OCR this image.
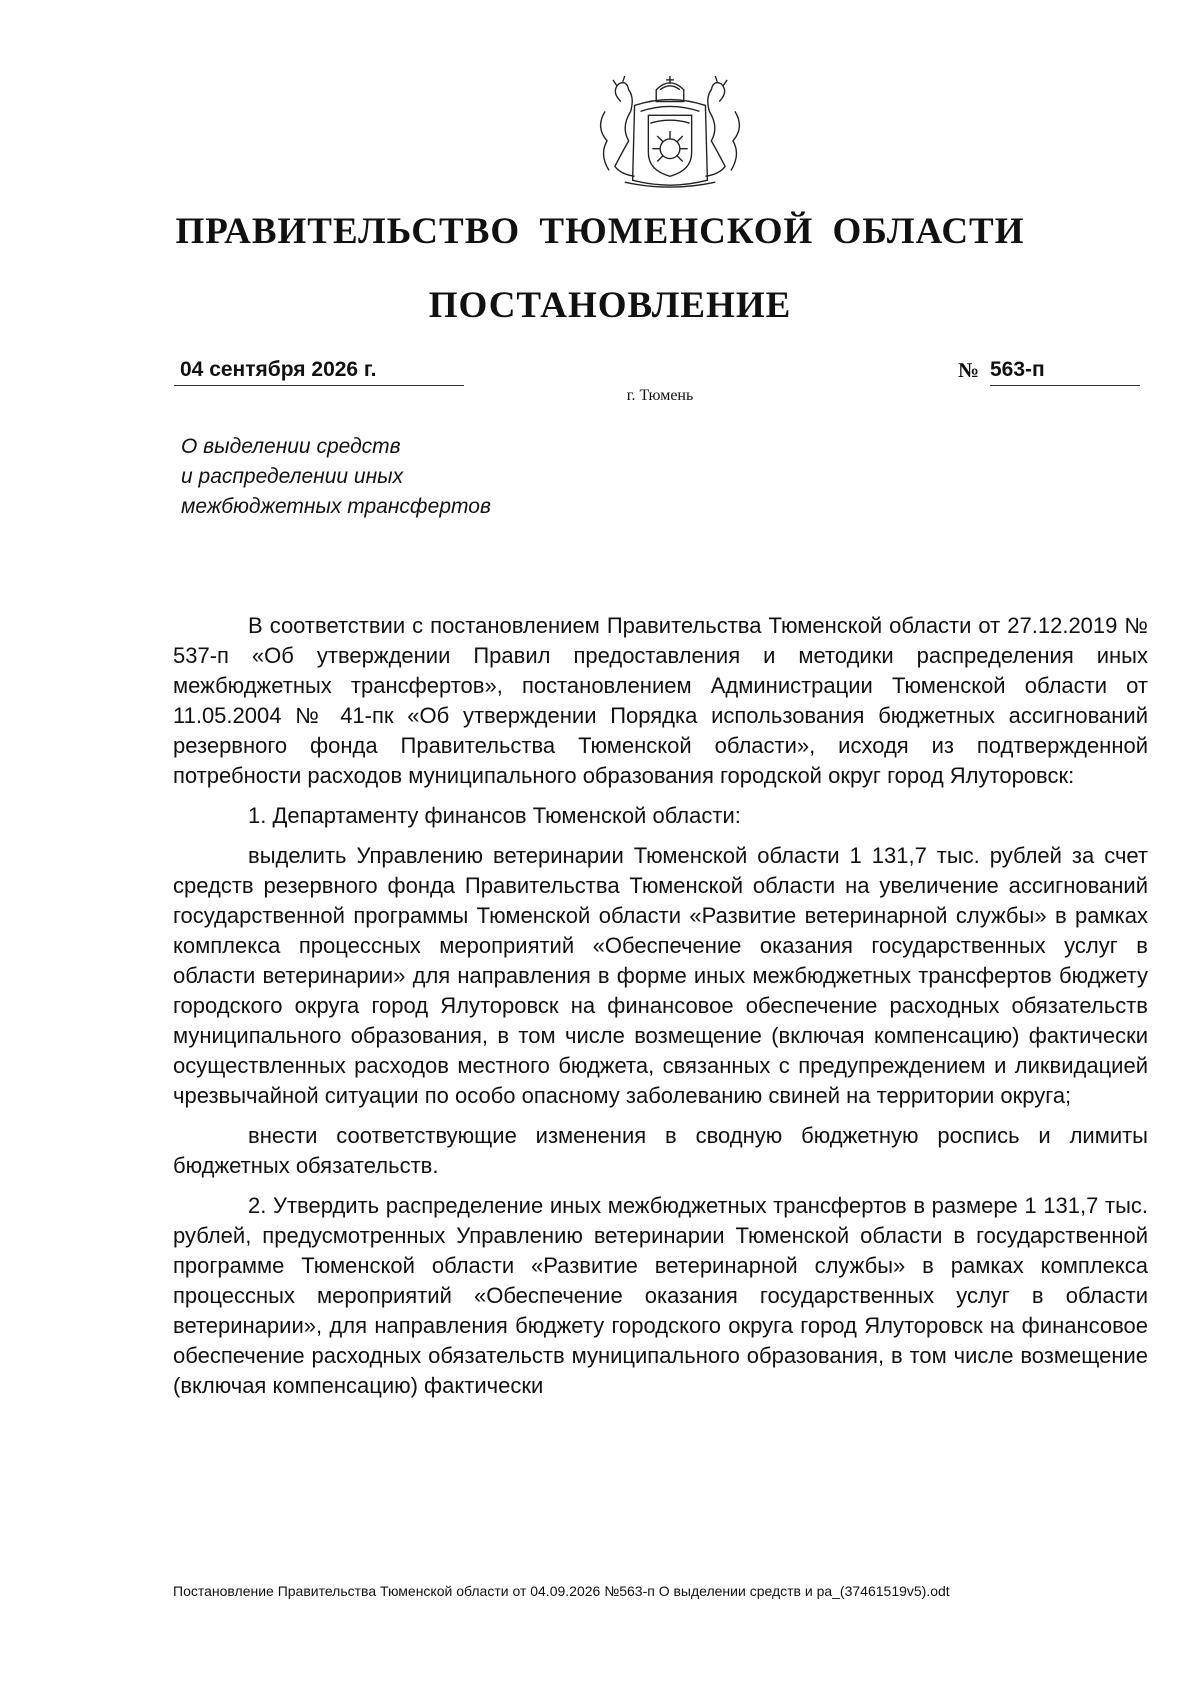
ПРАВИТЕЛЬСТВО ТЮМЕНСКОЙ ОБЛАСТИ
ПОСТАНОВЛЕНИЕ
04 сентября 2026 г.	№ 563-п
г. Тюмень
О выделении средств
и распределении иных
межбюджетных трансфертов

В соответствии с постановлением Правительства Тюменской области от 27.12.2019 № 537-п «Об утверждении Правил предоставления и методики распределения иных межбюджетных трансфертов», постановлением Администрации Тюменской области от 11.05.2004 № 41-пк «Об утверждении Порядка использования бюджетных ассигнований резервного фонда Правительства Тюменской области», исходя из подтвержденной потребности расходов муниципального образования городской округ город Ялуторовск:

1. Департаменту финансов Тюменской области:

выделить Управлению ветеринарии Тюменской области 1 131,7 тыс. рублей за счет средств резервного фонда Правительства Тюменской области на увеличение ассигнований государственной программы Тюменской области «Развитие ветеринарной службы» в рамках комплекса процессных мероприятий «Обеспечение оказания государственных услуг в области ветеринарии» для направления в форме иных межбюджетных трансфертов бюджету городского округа город Ялуторовск на финансовое обеспечение расходных обязательств муниципального образования, в том числе возмещение (включая компенсацию) фактически осуществленных расходов местного бюджета, связанных с предупреждением и ликвидацией чрезвычайной ситуации по особо опасному заболеванию свиней на территории округа;

внести соответствующие изменения в сводную бюджетную роспись и лимиты бюджетных обязательств.

2. Утвердить распределение иных межбюджетных трансфертов в размере 1 131,7 тыс. рублей, предусмотренных Управлению ветеринарии Тюменской области в государственной программе Тюменской области «Развитие ветеринарной службы» в рамках комплекса процессных мероприятий «Обеспечение оказания государственных услуг в области ветеринарии», для направления бюджету городского округа город Ялуторовск на финансовое обеспечение расходных обязательств муниципального образования, в том числе возмещение (включая компенсацию) фактически

Постановление Правительства Тюменской области от 04.09.2026 №563-п О выделении средств и ра_(37461519v5).odt
